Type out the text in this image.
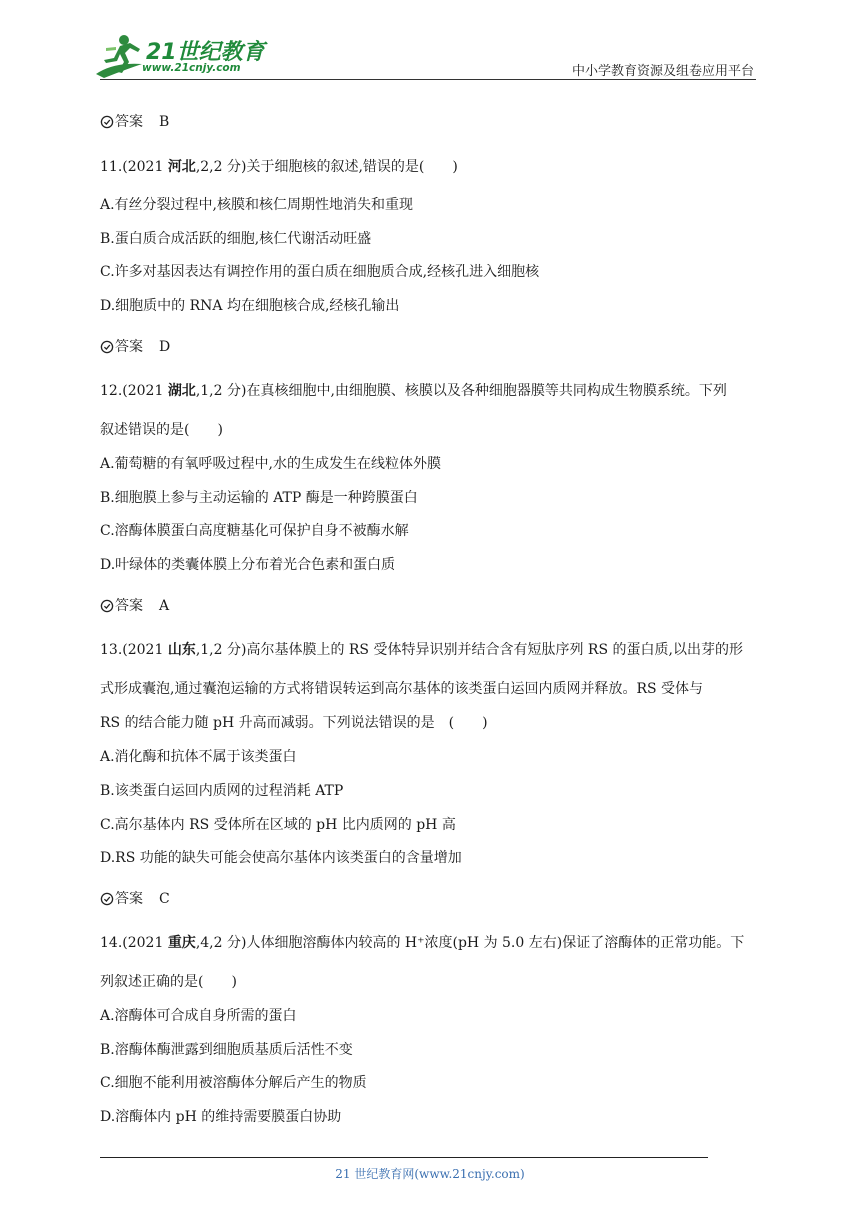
21世纪教育
www.21cnjy.com	中小学教育资源及组卷应用平台
答案 B
11.(2021 河北,2,2 分)关于细胞核的叙述,错误的是(　　)
A.有丝分裂过程中,核膜和核仁周期性地消失和重现
B.蛋白质合成活跃的细胞,核仁代谢活动旺盛
C.许多对基因表达有调控作用的蛋白质在细胞质合成,经核孔进入细胞核
D.细胞质中的 RNA 均在细胞核合成,经核孔输出
答案 D
12.(2021 湖北,1,2 分)在真核细胞中,由细胞膜、核膜以及各种细胞器膜等共同构成生物膜系统。下列
叙述错误的是(　　)
A.葡萄糖的有氧呼吸过程中,水的生成发生在线粒体外膜
B.细胞膜上参与主动运输的 ATP 酶是一种跨膜蛋白
C.溶酶体膜蛋白高度糖基化可保护自身不被酶水解
D.叶绿体的类囊体膜上分布着光合色素和蛋白质
答案 A
13.(2021 山东,1,2 分)高尔基体膜上的 RS 受体特异识别并结合含有短肽序列 RS 的蛋白质,以出芽的形
式形成囊泡,通过囊泡运输的方式将错误转运到高尔基体的该类蛋白运回内质网并释放。RS 受体与
RS 的结合能力随 pH 升高而减弱。下列说法错误的是　(　　)
A.消化酶和抗体不属于该类蛋白
B.该类蛋白运回内质网的过程消耗 ATP
C.高尔基体内 RS 受体所在区域的 pH 比内质网的 pH 高
D.RS 功能的缺失可能会使高尔基体内该类蛋白的含量增加
答案 C
14.(2021 重庆,4,2 分)人体细胞溶酶体内较高的 H⁺浓度(pH 为 5.0 左右)保证了溶酶体的正常功能。下
列叙述正确的是(　　)
A.溶酶体可合成自身所需的蛋白
B.溶酶体酶泄露到细胞质基质后活性不变
C.细胞不能利用被溶酶体分解后产生的物质
D.溶酶体内 pH 的维持需要膜蛋白协助
21 世纪教育网(www.21cnjy.com)
